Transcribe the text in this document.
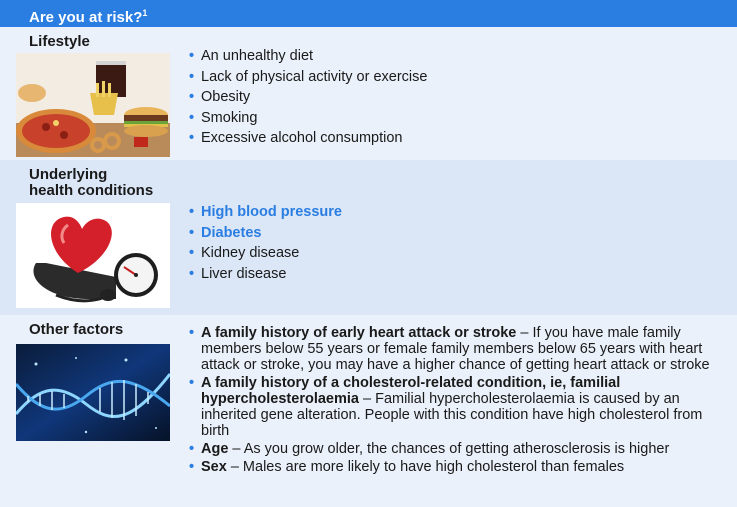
Are you at risk?$^1$
Lifestyle
• An unhealthy diet
• Lack of physical activity or exercise
• Obesity
• Smoking
• Excessive alcohol consumption
Underlying
health conditions
• High blood pressure
• Diabetes
• Kidney disease
• Liver disease
Other factors
•	A family history of early heart attack or stroke – If you have male family members below 55 years or female family members below 65 years with heart attack or stroke, you may have a higher chance of getting heart attack or stroke
• A family history of a cholesterol-related condition, ie, familial hypercholesterolaemia – Familial hypercholesterolaemia is caused by an inherited gene alteration. People with this condition have high cholesterol from birth
• Age – As you grow older, the chances of getting atherosclerosis is higher
• Sex – Males are more likely to have high cholesterol than females
